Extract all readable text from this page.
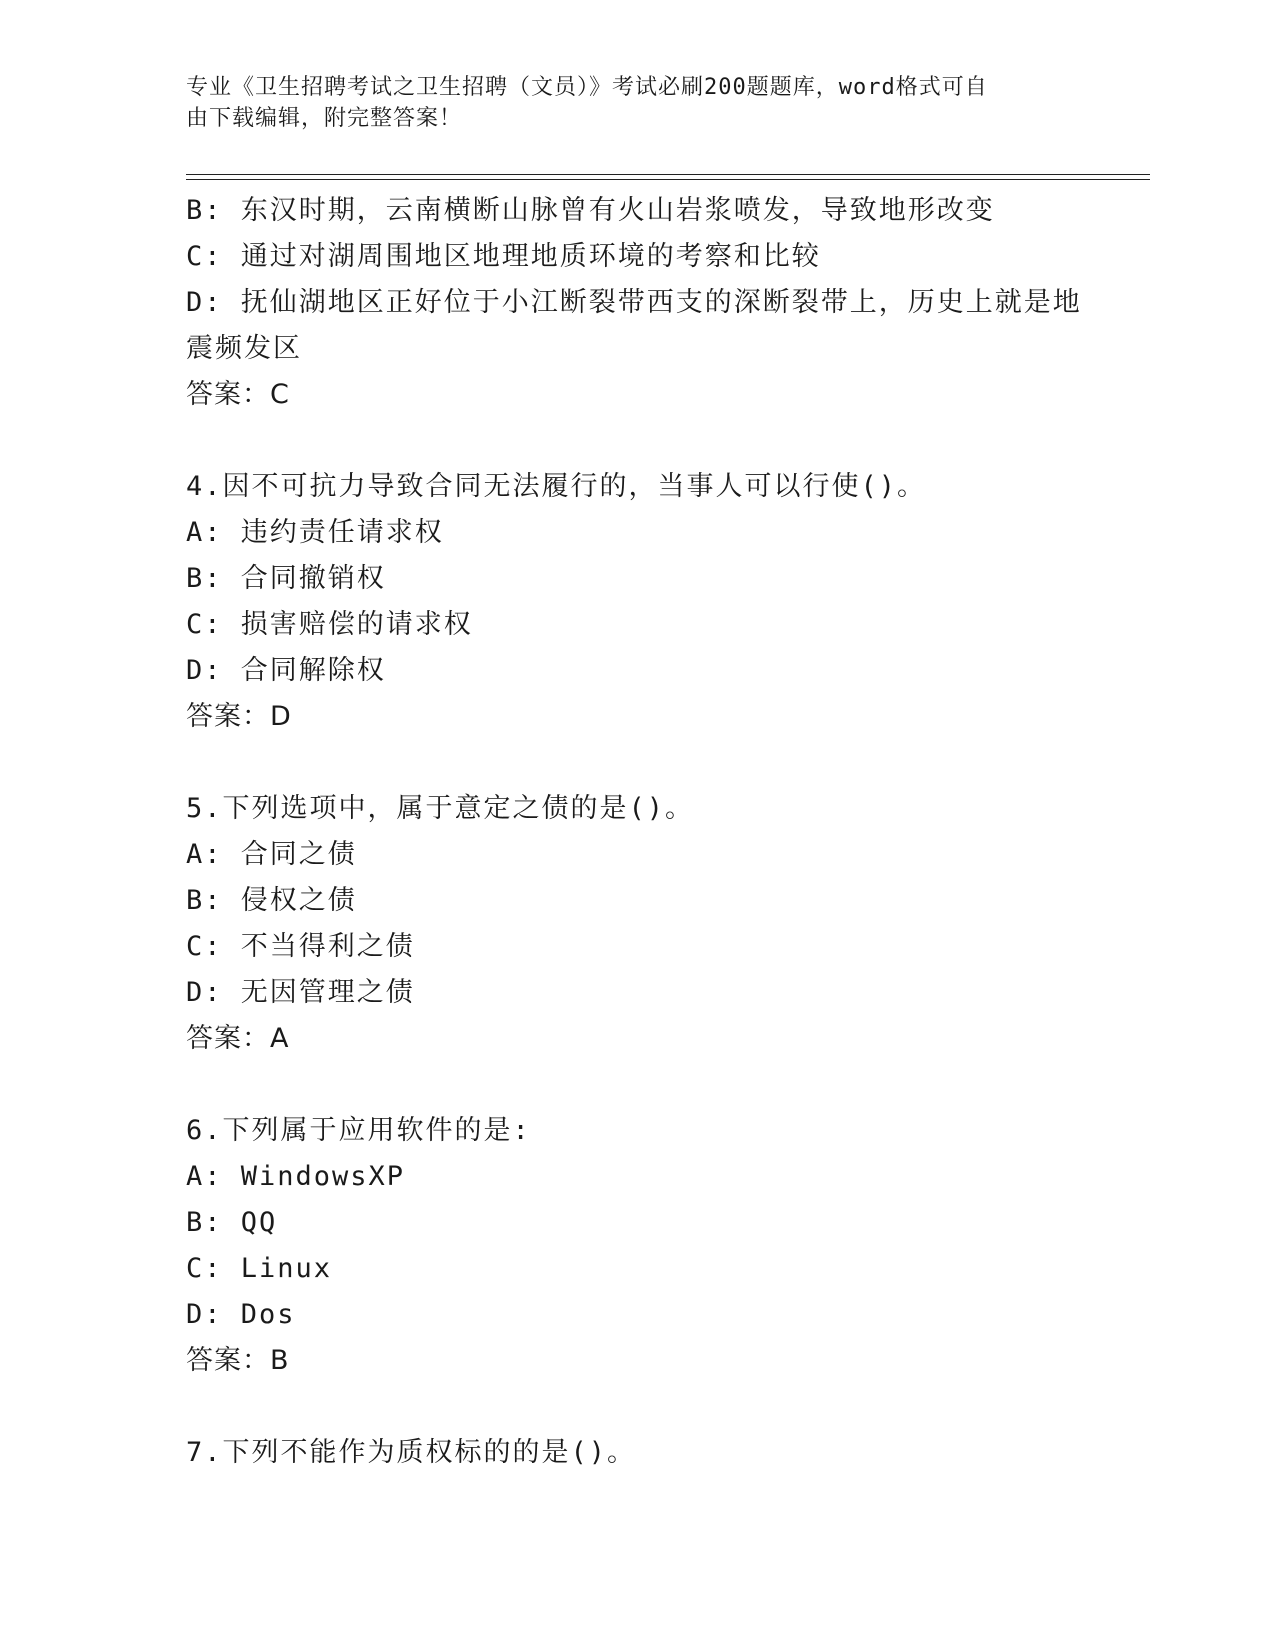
专业《卫生招聘考试之卫生招聘（文员）》考试必刷200题题库，word格式可自
由下载编辑，附完整答案！
B: 东汉时期，云南横断山脉曾有火山岩浆喷发，导致地形改变
C: 通过对湖周围地区地理地质环境的考察和比较
D: 抚仙湖地区正好位于小江断裂带西支的深断裂带上，历史上就是地
震频发区
答案：C
4.因不可抗力导致合同无法履行的，当事人可以行使()。
A: 违约责任请求权
B: 合同撤销权
C: 损害赔偿的请求权
D: 合同解除权
答案：D
5.下列选项中，属于意定之债的是()。
A: 合同之债
B: 侵权之债
C: 不当得利之债
D: 无因管理之债
答案：A
6.下列属于应用软件的是:
A: WindowsXP
B: QQ
C: Linux
D: Dos
答案：B
7.下列不能作为质权标的的是()。
